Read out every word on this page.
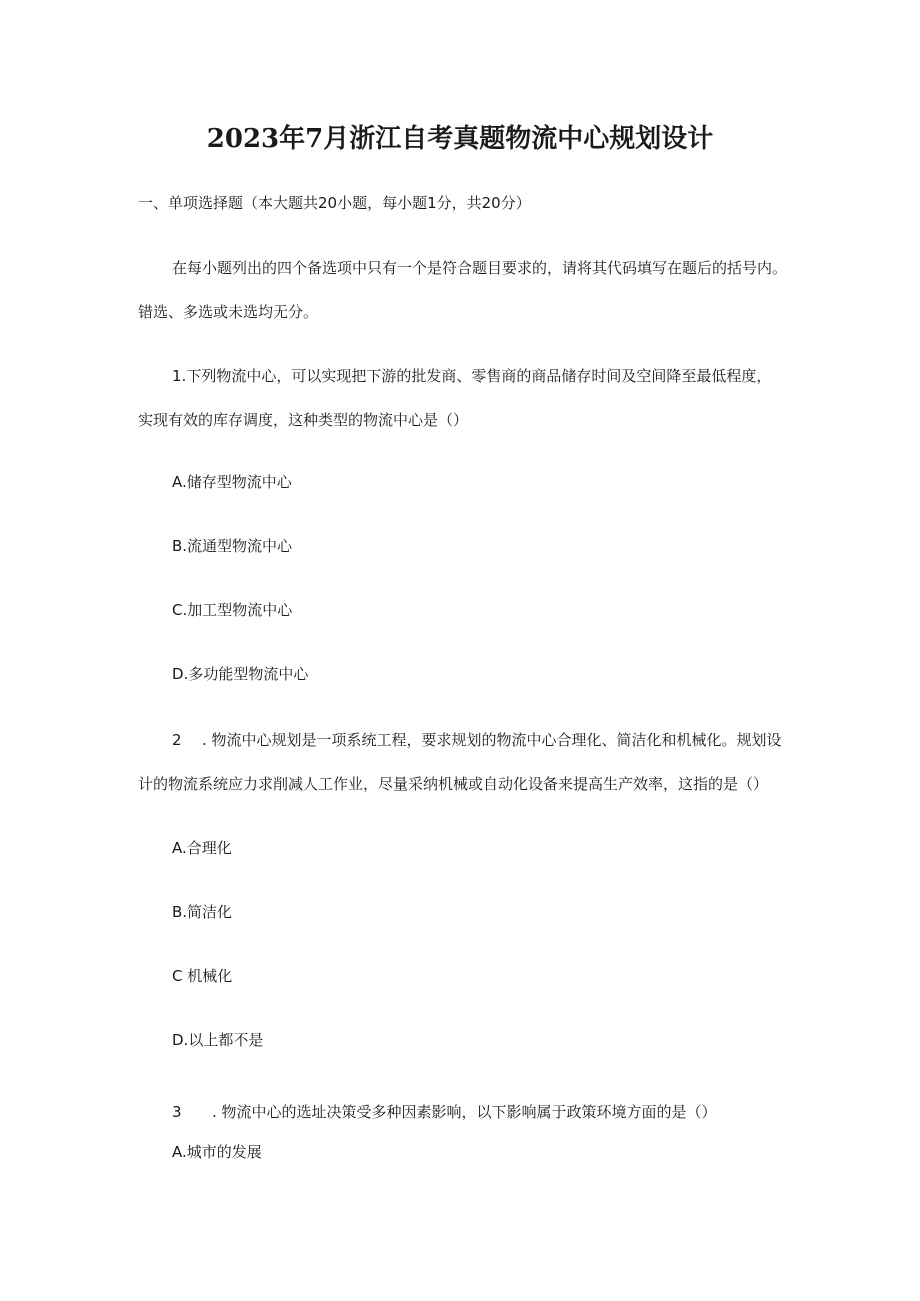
2023年7月浙江自考真题物流中心规划设计

一、单项选择题（本大题共20小题，每小题1分，共20分）

在每小题列出的四个备选项中只有一个是符合题目要求的，请将其代码填写在题后的括号内。

错选、多选或未选均无分。

1.下列物流中心，可以实现把下游的批发商、零售商的商品储存时间及空间降至最低程度，

实现有效的库存调度，这种类型的物流中心是（）

A.储存型物流中心

B.流通型物流中心

C.加工型物流中心

D.多功能型物流中心

2 . 物流中心规划是一项系统工程，要求规划的物流中心合理化、简洁化和机械化。规划设

计的物流系统应力求削减人工作业，尽量采纳机械或自动化设备来提高生产效率，这指的是（）

A.合理化

B.简洁化

C 机械化

D.以上都不是

3 . 物流中心的选址决策受多种因素影响，以下影响属于政策环境方面的是（）

A.城市的发展
